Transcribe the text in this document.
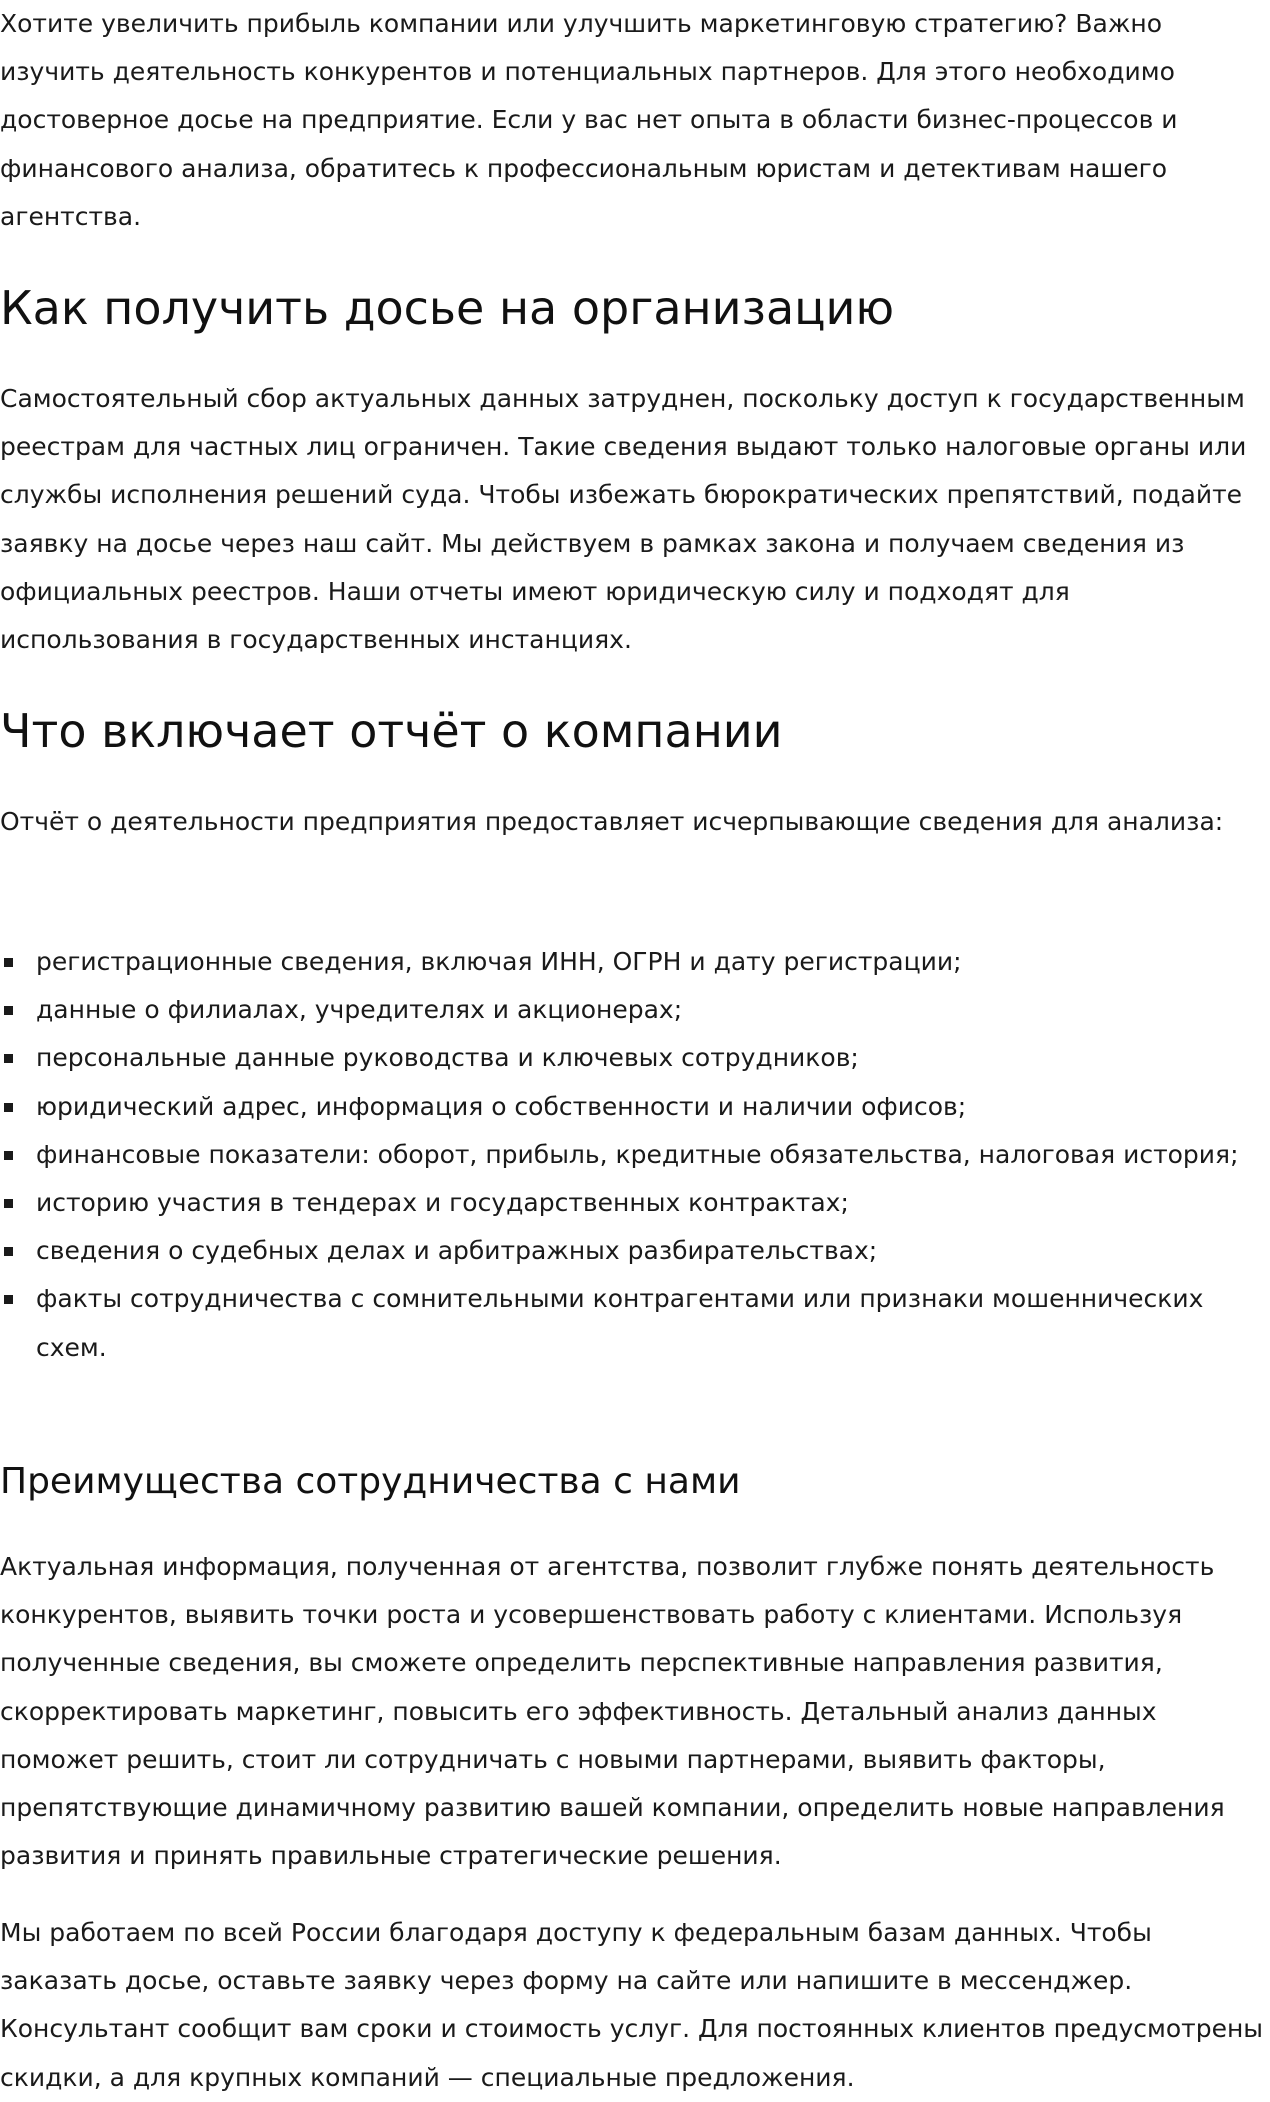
Хотите увеличить прибыль компании или улучшить маркетинговую стратегию? Важно изучить деятельность конкурентов и потенциальных партнеров. Для этого необходимо достоверное досье на предприятие. Если у вас нет опыта в области бизнес-процессов и финансового анализа, обратитесь к профессиональным юристам и детективам нашего агентства.

Как получить досье на организацию

Самостоятельный сбор актуальных данных затруднен, поскольку доступ к государственным реестрам для частных лиц ограничен. Такие сведения выдают только налоговые органы или службы исполнения решений суда. Чтобы избежать бюрократических препятствий, подайте заявку на досье через наш сайт. Мы действуем в рамках закона и получаем сведения из официальных реестров. Наши отчеты имеют юридическую силу и подходят для использования в государственных инстанциях.

Что включает отчёт о компании

Отчёт о деятельности предприятия предоставляет исчерпывающие сведения для анализа:

регистрационные сведения, включая ИНН, ОГРН и дату регистрации;
данные о филиалах, учредителях и акционерах;
персональные данные руководства и ключевых сотрудников;
юридический адрес, информация о собственности и наличии офисов;
финансовые показатели: оборот, прибыль, кредитные обязательства, налоговая история;
историю участия в тендерах и государственных контрактах;
сведения о судебных делах и арбитражных разбирательствах;
факты сотрудничества с сомнительными контрагентами или признаки мошеннических схем.
Преимущества сотрудничества с нами

Актуальная информация, полученная от агентства, позволит глубже понять деятельность конкурентов, выявить точки роста и усовершенствовать работу с клиентами. Используя полученные сведения, вы сможете определить перспективные направления развития, скорректировать маркетинг, повысить его эффективность. Детальный анализ данных поможет решить, стоит ли сотрудничать с новыми партнерами, выявить факторы, препятствующие динамичному развитию вашей компании, определить новые направления развития и принять правильные стратегические решения.

Мы работаем по всей России благодаря доступу к федеральным базам данных. Чтобы заказать досье, оставьте заявку через форму на сайте или напишите в мессенджер. Консультант сообщит вам сроки и стоимость услуг. Для постоянных клиентов предусмотрены скидки, а для крупных компаний — специальные предложения.
